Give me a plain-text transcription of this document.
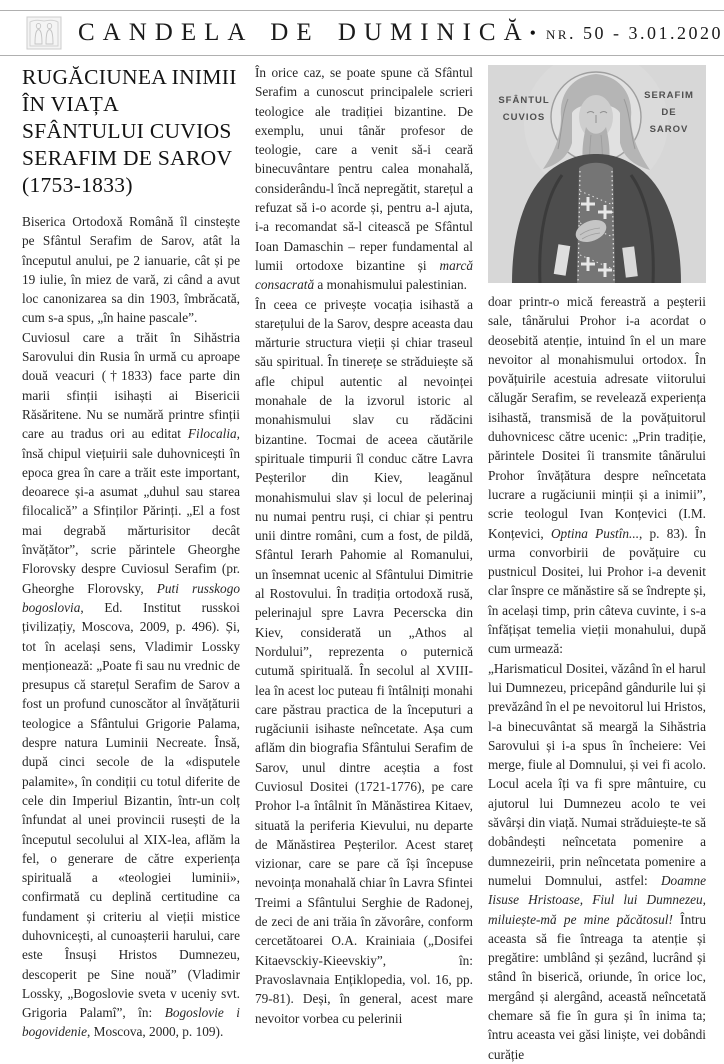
CANDELA DE DUMINICĂ • nr. 50 - 3.01.2020
RUGĂCIUNEA INIMII ÎN VIAȚA SFÂNTULUI CUVIOS SERAFIM DE SAROV (1753-1833)

Biserica Ortodoxă Română îl cinstește pe Sfântul Serafim de Sarov, atât la începutul anului, pe 2 ianuarie, cât și pe 19 iulie, în miez de vară, zi când a avut loc canonizarea sa din 1903, îmbrăcată, cum s-a spus, „în haine pascale”.

Cuviosul care a trăit în Sihăstria Sarovului din Rusia în urmă cu aproape două veacuri (†1833) face parte din marii sfinții isihaști ai Bisericii Răsăritene. Nu se numără printre sfinții care au tradus ori au editat Filocalia, însă chipul viețuirii sale duhovnicești în epoca grea în care a trăit este important, deoarece și-a asumat „duhul sau starea filocalică” a Sfinților Părinți. „El a fost mai degrabă mărturisitor decât învățător”, scrie părintele Gheorghe Florovsky despre Cuviosul Serafim (pr. Gheorghe Florovsky, Puti russkogo bogoslovia, Ed. Institut russkoi țivilizațiy, Moscova, 2009, p. 496). Și, tot în același sens, Vladimir Lossky menționează: „Poate fi sau nu vrednic de presupus că starețul Serafim de Sarov a fost un profund cunoscător al învățăturii teologice a Sfântului Grigorie Palama, despre natura Luminii Necreate. Însă, după cinci secole de la «disputele palamite», în condiții cu totul diferite de cele din Imperiul Bizantin, într-un colț înfundat al unei provincii rusești de la începutul secolului al XIX-lea, aflăm la fel, o generare de către experiența spirituală a «teologiei luminii», confirmată cu deplină certitudine ca fundament și criteriu al vieții mistice duhovnicești, al cunoașterii harului, care este Însuși Hristos Dumnezeu, descoperit pe Sine nouă” (Vladimir Lossky, „Bogoslovie sveta v uceniy svt. Grigoria Palamî”, în: Bogoslovie i bogovidenie, Moscova, 2000, p. 109).

În orice caz, se poate spune că Sfântul Serafim a cunoscut principalele scrieri teologice ale tradiției bizantine. De exemplu, unui tânăr profesor de teologie, care a venit să-i ceară binecuvântare pentru calea monahală, considerându-l încă nepregătit, starețul a refuzat să i-o acorde și, pentru a-l ajuta, i-a recomandat să-l citească pe Sfântul Ioan Damaschin – reper fundamental al lumii ortodoxe bizantine și marcă consacrată a monahismului palestinian.

În ceea ce privește vocația isihastă a starețului de la Sarov, despre aceasta dau mărturie structura vieții și chiar traseul său spiritual. În tinerețe se străduiește să afle chipul autentic al nevoinței monahale de la izvorul istoric al monahismului slav cu rădăcini bizantine. Tocmai de aceea căutările spirituale timpurii îl conduc către Lavra Peșterilor din Kiev, leagănul monahismului slav și locul de pelerinaj nu numai pentru ruși, ci chiar și pentru unii dintre români, cum a fost, de pildă, Sfântul Ierarh Pahomie al Romanului, un însemnat ucenic al Sfântului Dimitrie al Rostovului. În tradiția ortodoxă rusă, pelerinajul spre Lavra Pecerscka din Kiev, considerată un „Athos al Nordului”, reprezenta o puternică cutumă spirituală. În secolul al XVIII-lea în acest loc puteau fi întâlniți monahi care păstrau practica de la începuturi a rugăciunii isihaste neîncetate. Așa cum aflăm din biografia Sfântului Serafim de Sarov, unul dintre aceștia a fost Cuviosul Dositei (1721-1776), pe care Prohor l-a întâlnit în Mănăstirea Kitaev, situată la periferia Kievului, nu departe de Mănăstirea Peșterilor. Acest stareț vizionar, care se pare că își începuse nevoința monahală chiar în Lavra Sfintei Treimi a Sfântului Serghie de Radonej, de zeci de ani trăia în zăvorâre, conform cercetătoarei O.A. Krainiaia („Dosifei Kitaevsckiy-Kieevskiy”, în: Pravoslavnaia Ențiklopedia, vol. 16, pp. 79-81). Deși, în general, acest mare nevoitor vorbea cu pelerinii

SFÂNTUL
CUVIOS
SERAFIM
DE
SAROV

doar printr-o mică fereastră a peșterii sale, tânărului Prohor i-a acordat o deosebită atenție, intuind în el un mare nevoitor al monahismului ortodox. În povățuirile acestuia adresate viitorului călugăr Serafim, se revelează experiența isihastă, transmisă de la povățuitorul duhovnicesc către ucenic: „Prin tradiție, părintele Dositei îi transmite tânărului Prohor învățătura despre neîncetata lucrare a rugăciunii minții și a inimii”, scrie teologul Ivan Konțevici (I.M. Konțevici, Optina Pustîn..., p. 83). În urma convorbirii de povățuire cu pustnicul Dositei, lui Prohor i-a devenit clar înspre ce mănăstire să se îndrepte și, în același timp, prin câteva cuvinte, i s-a înfățișat temelia vieții monahului, după cum urmează:

„Harismaticul Dositei, văzând în el harul lui Dumnezeu, pricepând gândurile lui și prevăzând în el pe nevoitorul lui Hristos, l-a binecuvântat să meargă la Sihăstria Sarovului și i-a spus în încheiere: Vei merge, fiule al Domnului, și vei fi acolo. Locul acela îți va fi spre mântuire, cu ajutorul lui Dumnezeu acolo te vei săvârși din viață. Numai străduiește-te să dobândești neîncetata pomenire a dumnezeirii, prin neîncetata pomenire a numelui Domnului, astfel: Doamne Iisuse Hristoase, Fiul lui Dumnezeu, miluiește-mă pe mine păcătosul! Întru aceasta să fie întreaga ta atenție și pregătire: umblând și șezând, lucrând și stând în biserică, oriunde, în orice loc, mergând și alergând, această neîncetată chemare să fie în gura și în inima ta; întru aceasta vei găsi liniște, vei dobândi curăție
